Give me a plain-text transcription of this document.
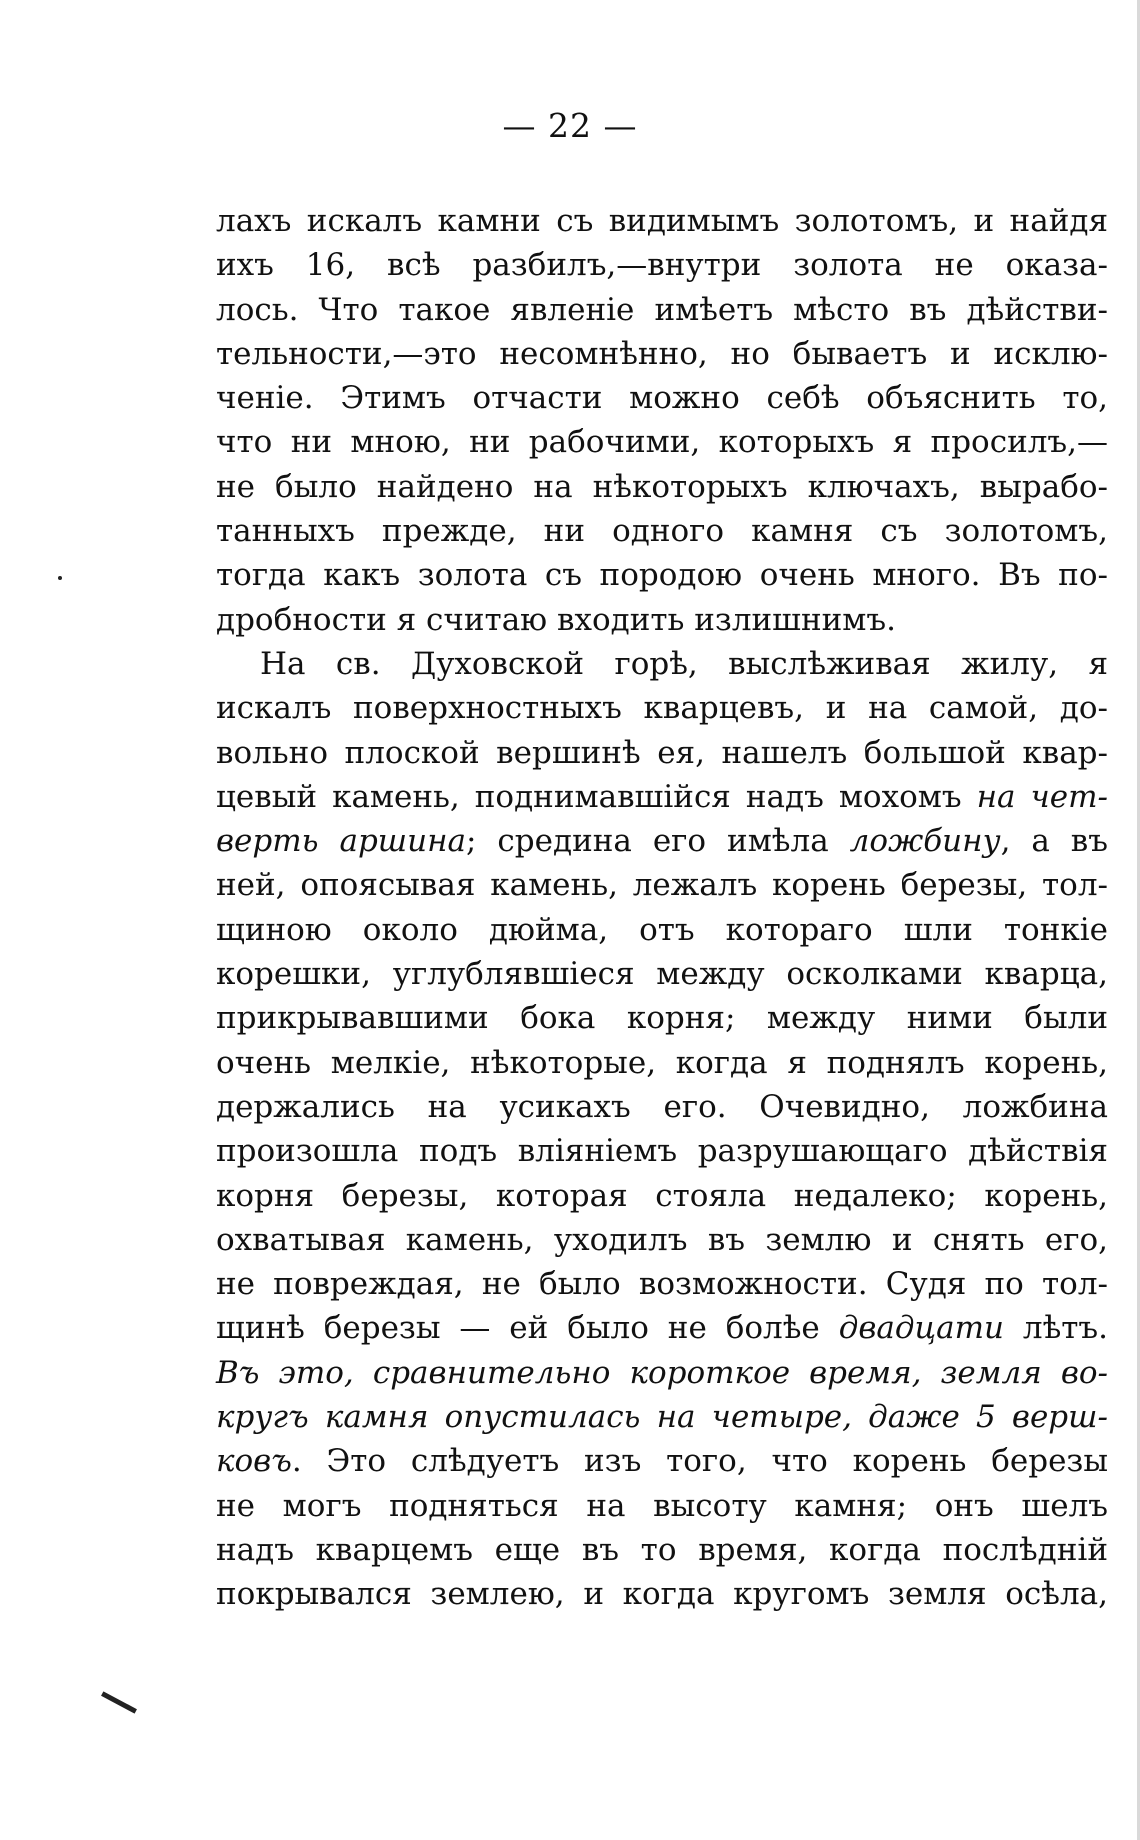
— 22 —
лахъ искалъ камни съ видимымъ золотомъ, и найдя
ихъ 16, всѣ разбилъ,—внутри золота не оказа-
лось. Что такое явленіе имѣетъ мѣсто въ дѣйстви-
тельности,—это несомнѣнно, но бываетъ и исклю-
ченіе. Этимъ отчасти можно себѣ объяснить то,
что ни мною, ни рабочими, которыхъ я просилъ,—
не было найдено на нѣкоторыхъ ключахъ, вырабо-
танныхъ прежде, ни одного камня съ золотомъ,
тогда какъ золота съ породою очень много. Въ по-
дробности я считаю входить излишнимъ.
На св. Духовской горѣ, выслѣживая жилу, я
искалъ поверхностныхъ кварцевъ, и на самой, до-
вольно плоской вершинѣ ея, нашелъ большой квар-
цевый камень, поднимавшійся надъ мохомъ на чет-
верть аршина; средина его имѣла ложбину, а въ
ней, опоясывая камень, лежалъ корень березы, тол-
щиною около дюйма, отъ котораго шли тонкіе
корешки, углублявшіеся между осколками кварца,
прикрывавшими бока корня; между ними были
очень мелкіе, нѣкоторые, когда я поднялъ корень,
держались на усикахъ его. Очевидно, ложбина
произошла подъ вліяніемъ разрушающаго дѣйствія
корня березы, которая стояла недалеко; корень,
охватывая камень, уходилъ въ землю и снять его,
не повреждая, не было возможности. Судя по тол-
щинѣ березы — ей было не болѣе двадцати лѣтъ.
Въ это, сравнительно короткое время, земля во-
кругъ камня опустилась на четыре, даже 5 верш-
ковъ. Это слѣдуетъ изъ того, что корень березы
не могъ подняться на высоту камня; онъ шелъ
надъ кварцемъ еще въ то время, когда послѣдній
покрывался землею, и когда кругомъ земля осѣла,
